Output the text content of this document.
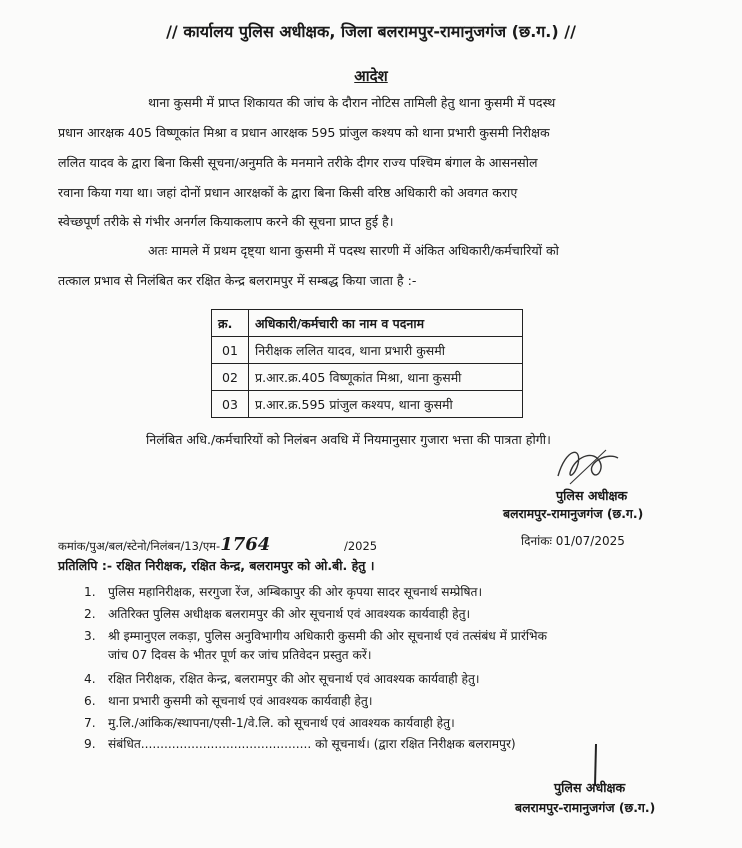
// कार्यालय पुलिस अधीक्षक, जिला बलरामपुर-रामानुजगंज (छ.ग.) //
आदेश
थाना कुसमी में प्राप्त शिकायत की जांच के दौरान नोटिस तामिली हेतु थाना कुसमी में पदस्थ
प्रधान आरक्षक 405 विष्णूकांत मिश्रा व प्रधान आरक्षक 595 प्रांजुल कश्यप को थाना प्रभारी कुसमी निरीक्षक
ललित यादव के द्वारा बिना किसी सूचना/अनुमति के मनमाने तरीके दीगर राज्य पश्चिम बंगाल के आसनसोल
रवाना किया गया था। जहां दोनों प्रधान आरक्षकों के द्वारा बिना किसी वरिष्ठ अधिकारी को अवगत कराए
स्वेच्छपूर्ण तरीके से गंभीर अनर्गल कियाकलाप करने की सूचना प्राप्त हुई है।
अतः मामले में प्रथम दृष्ट्या थाना कुसमी में पदस्थ सारणी में अंकित अधिकारी/कर्मचारियों को
तत्काल प्रभाव से निलंबित कर रक्षित केन्द्र बलरामपुर में सम्बद्ध किया जाता है :-
क्र.	अधिकारी/कर्मचारी का नाम व पदनाम
01	निरीक्षक ललित यादव, थाना प्रभारी कुसमी
02	प्र.आर.क्र.405 विष्णूकांत मिश्रा, थाना कुसमी
03	प्र.आर.क्र.595 प्रांजुल कश्यप, थाना कुसमी
निलंबित अधि./कर्मचारियों को निलंबन अवधि में नियमानुसार गुजारा भत्ता की पात्रता होगी।
पुलिस अधीक्षक
बलरामपुर-रामानुजगंज (छ.ग.)
कमांक/पुअ/बल/स्टेनो/निलंबन/13/एम-1764	/2025	दिनांकः 01/07/2025
प्रतिलिपि :- रक्षित निरीक्षक, रक्षित केन्द्र, बलरामपुर को ओ.बी. हेतु ।
1. पुलिस महानिरीक्षक, सरगुजा रेंज, अम्बिकापुर की ओर कृपया सादर सूचनार्थ सम्प्रेषित।
2. अतिरिक्त पुलिस अधीक्षक बलरामपुर की ओर सूचनार्थ एवं आवश्यक कार्यवाही हेतु।
3. श्री इम्मानुएल लकड़ा, पुलिस अनुविभागीय अधिकारी कुसमी की ओर सूचनार्थ एवं तत्संबंध में प्रारंभिक
जांच 07 दिवस के भीतर पूर्ण कर जांच प्रतिवेदन प्रस्तुत करें।
4. रक्षित निरीक्षक, रक्षित केन्द्र, बलरामपुर की ओर सूचनार्थ एवं आवश्यक कार्यवाही हेतु।
6. थाना प्रभारी कुसमी को सूचनार्थ एवं आवश्यक कार्यवाही हेतु।
7. मु.लि./आंकिक/स्थापना/एसी-1/वे.लि. को सूचनार्थ एवं आवश्यक कार्यवाही हेतु।
9. संबंधित............................................ को सूचनार्थ। (द्वारा रक्षित निरीक्षक बलरामपुर)
पुलिस अधीक्षक
बलरामपुर-रामानुजगंज (छ.ग.)
